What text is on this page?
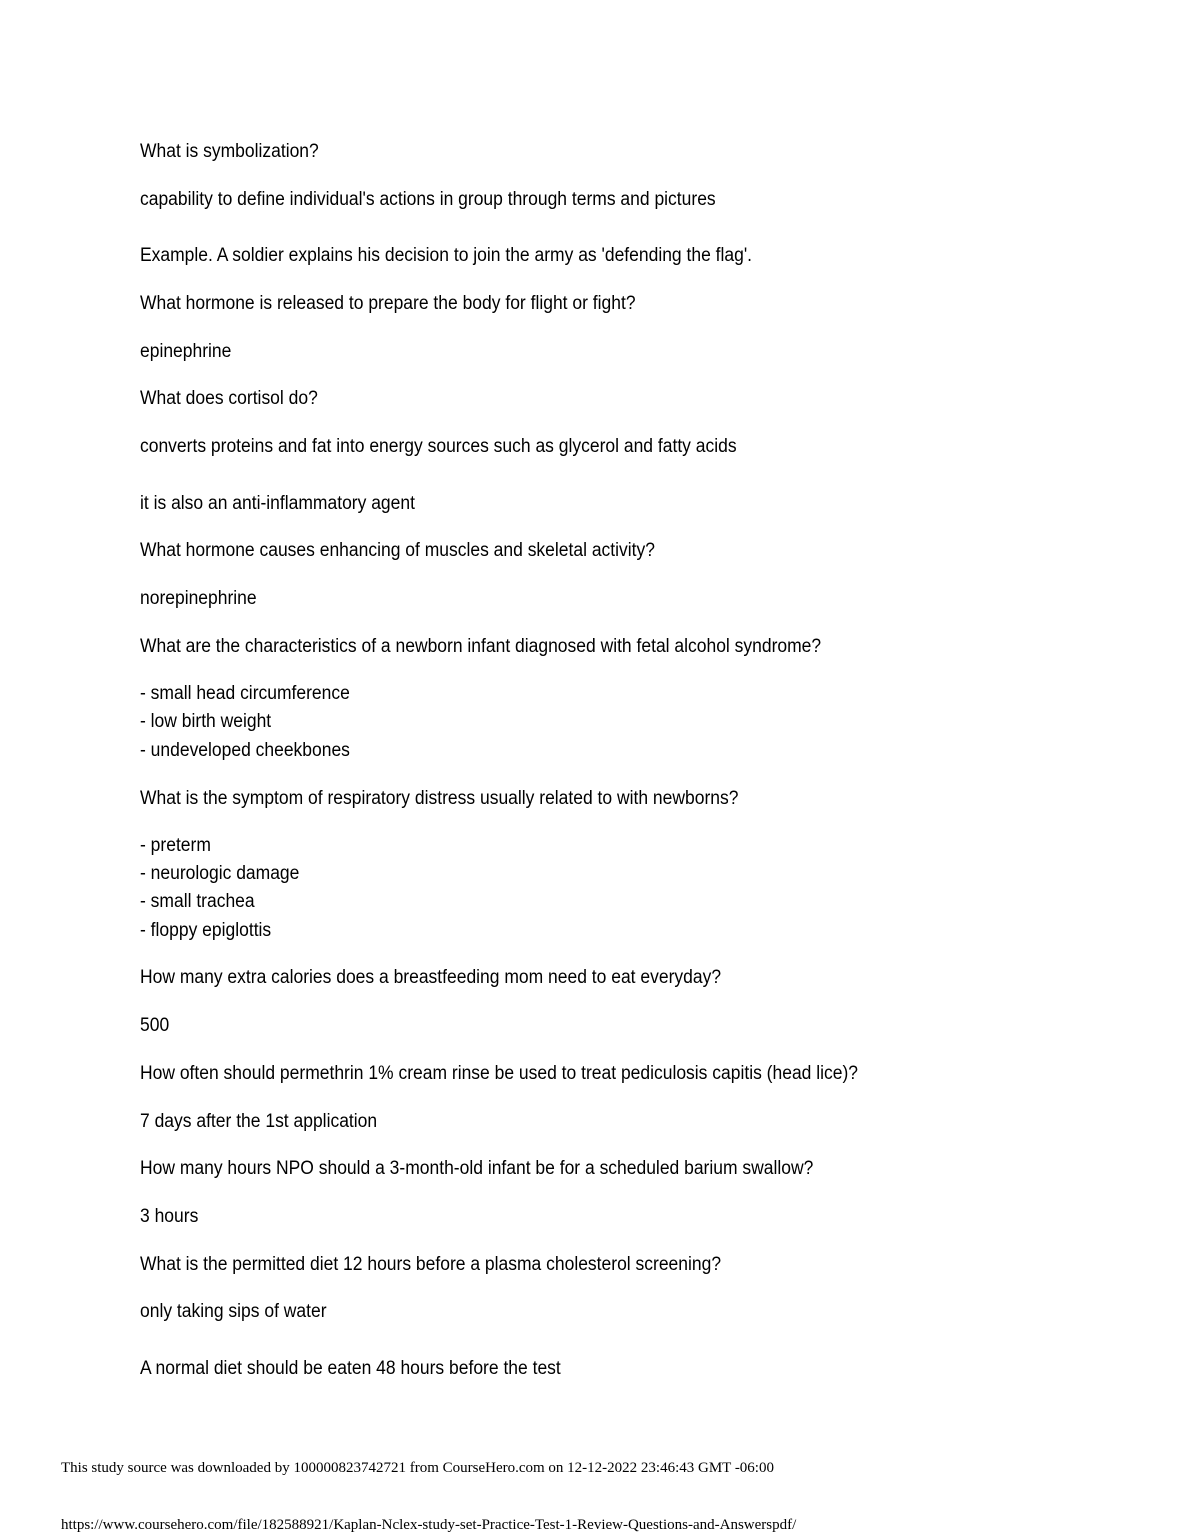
What is symbolization?
capability to define individual's actions in group through terms and pictures
Example. A soldier explains his decision to join the army as 'defending the flag'.
What hormone is released to prepare the body for flight or fight?
epinephrine
What does cortisol do?
converts proteins and fat into energy sources such as glycerol and fatty acids
it is also an anti-inflammatory agent
What hormone causes enhancing of muscles and skeletal activity?
norepinephrine
What are the characteristics of a newborn infant diagnosed with fetal alcohol syndrome?
- small head circumference
- low birth weight
- undeveloped cheekbones
What is the symptom of respiratory distress usually related to with newborns?
- preterm
- neurologic damage
- small trachea
- floppy epiglottis
How many extra calories does a breastfeeding mom need to eat everyday?
500
How often should permethrin 1% cream rinse be used to treat pediculosis capitis (head lice)?
7 days after the 1st application
How many hours NPO should a 3-month-old infant be for a scheduled barium swallow?
3 hours
What is the permitted diet 12 hours before a plasma cholesterol screening?
only taking sips of water
A normal diet should be eaten 48 hours before the test
This study source was downloaded by 100000823742721 from CourseHero.com on 12-12-2022 23:46:43 GMT -06:00
https://www.coursehero.com/file/182588921/Kaplan-Nclex-study-set-Practice-Test-1-Review-Questions-and-Answerspdf/
